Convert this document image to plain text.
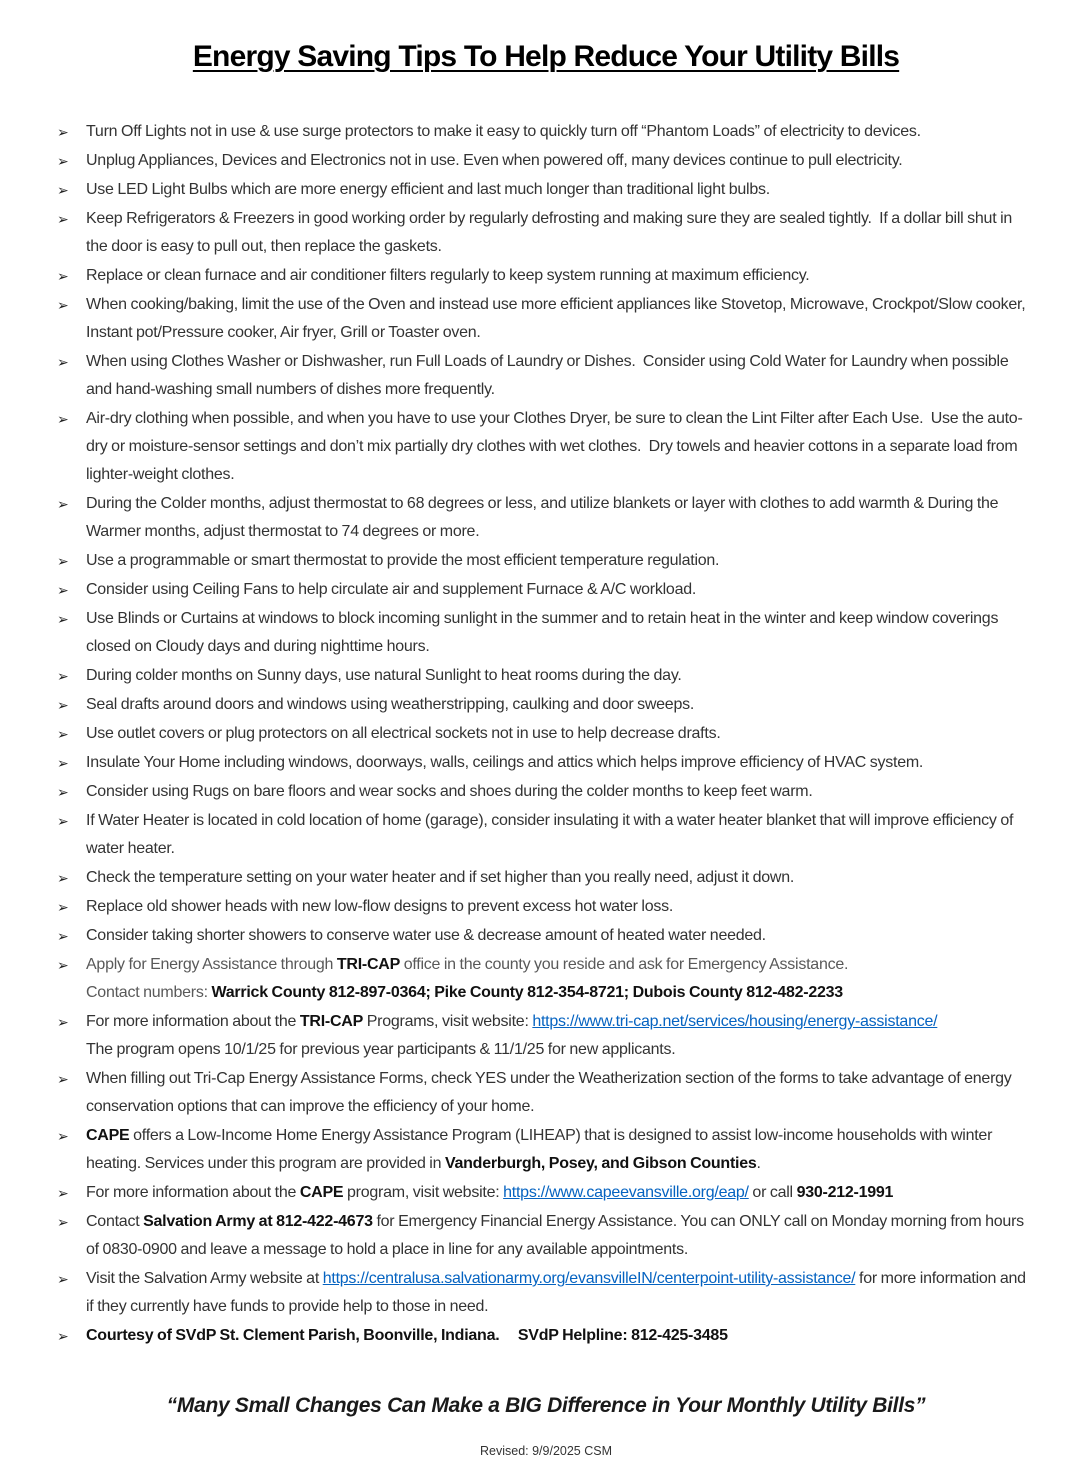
Energy Saving Tips To Help Reduce Your Utility Bills
➢ Turn Off Lights not in use & use surge protectors to make it easy to quickly turn off “Phantom Loads” of electricity to devices.
➢ Unplug Appliances, Devices and Electronics not in use. Even when powered off, many devices continue to pull electricity.
➢ Use LED Light Bulbs which are more energy efficient and last much longer than traditional light bulbs.
➢ Keep Refrigerators & Freezers in good working order by regularly defrosting and making sure they are sealed tightly.  If a dollar bill shut in the door is easy to pull out, then replace the gaskets.
➢ Replace or clean furnace and air conditioner filters regularly to keep system running at maximum efficiency.
➢ When cooking/baking, limit the use of the Oven and instead use more efficient appliances like Stovetop, Microwave, Crockpot/Slow cooker, Instant pot/Pressure cooker, Air fryer, Grill or Toaster oven.
➢ When using Clothes Washer or Dishwasher, run Full Loads of Laundry or Dishes.  Consider using Cold Water for Laundry when possible and hand-washing small numbers of dishes more frequently.
➢ Air-dry clothing when possible, and when you have to use your Clothes Dryer, be sure to clean the Lint Filter after Each Use.  Use the auto-dry or moisture-sensor settings and don’t mix partially dry clothes with wet clothes.  Dry towels and heavier cottons in a separate load from lighter-weight clothes.
➢ During the Colder months, adjust thermostat to 68 degrees or less, and utilize blankets or layer with clothes to add warmth & During the Warmer months, adjust thermostat to 74 degrees or more.
➢ Use a programmable or smart thermostat to provide the most efficient temperature regulation.
➢ Consider using Ceiling Fans to help circulate air and supplement Furnace & A/C workload.
➢ Use Blinds or Curtains at windows to block incoming sunlight in the summer and to retain heat in the winter and keep window coverings closed on Cloudy days and during nighttime hours.
➢ During colder months on Sunny days, use natural Sunlight to heat rooms during the day.
➢ Seal drafts around doors and windows using weatherstripping, caulking and door sweeps.
➢ Use outlet covers or plug protectors on all electrical sockets not in use to help decrease drafts.
➢ Insulate Your Home including windows, doorways, walls, ceilings and attics which helps improve efficiency of HVAC system.
➢ Consider using Rugs on bare floors and wear socks and shoes during the colder months to keep feet warm.
➢ If Water Heater is located in cold location of home (garage), consider insulating it with a water heater blanket that will improve efficiency of water heater.
➢ Check the temperature setting on your water heater and if set higher than you really need, adjust it down.
➢ Replace old shower heads with new low-flow designs to prevent excess hot water loss.
➢ Consider taking shorter showers to conserve water use & decrease amount of heated water needed.
➢ Apply for Energy Assistance through TRI-CAP office in the county you reside and ask for Emergency Assistance.
Contact numbers: Warrick County 812-897-0364; Pike County 812-354-8721; Dubois County 812-482-2233
➢ For more information about the TRI-CAP Programs, visit website: https://www.tri-cap.net/services/housing/energy-assistance/
The program opens 10/1/25 for previous year participants & 11/1/25 for new applicants.
➢ When filling out Tri-Cap Energy Assistance Forms, check YES under the Weatherization section of the forms to take advantage of energy conservation options that can improve the efficiency of your home.
➢ CAPE offers a Low-Income Home Energy Assistance Program (LIHEAP) that is designed to assist low-income households with winter heating. Services under this program are provided in Vanderburgh, Posey, and Gibson Counties.
➢ For more information about the CAPE program, visit website: https://www.capeevansville.org/eap/ or call 930-212-1991
➢ Contact Salvation Army at 812-422-4673 for Emergency Financial Energy Assistance. You can ONLY call on Monday morning from hours of 0830-0900 and leave a message to hold a place in line for any available appointments.
➢ Visit the Salvation Army website at https://centralusa.salvationarmy.org/evansvilleIN/centerpoint-utility-assistance/ for more information and if they currently have funds to provide help to those in need.
➢ Courtesy of SVdP St. Clement Parish, Boonville, Indiana.     SVdP Helpline: 812-425-3485
“Many Small Changes Can Make a BIG Difference in Your Monthly Utility Bills”
Revised: 9/9/2025 CSM
